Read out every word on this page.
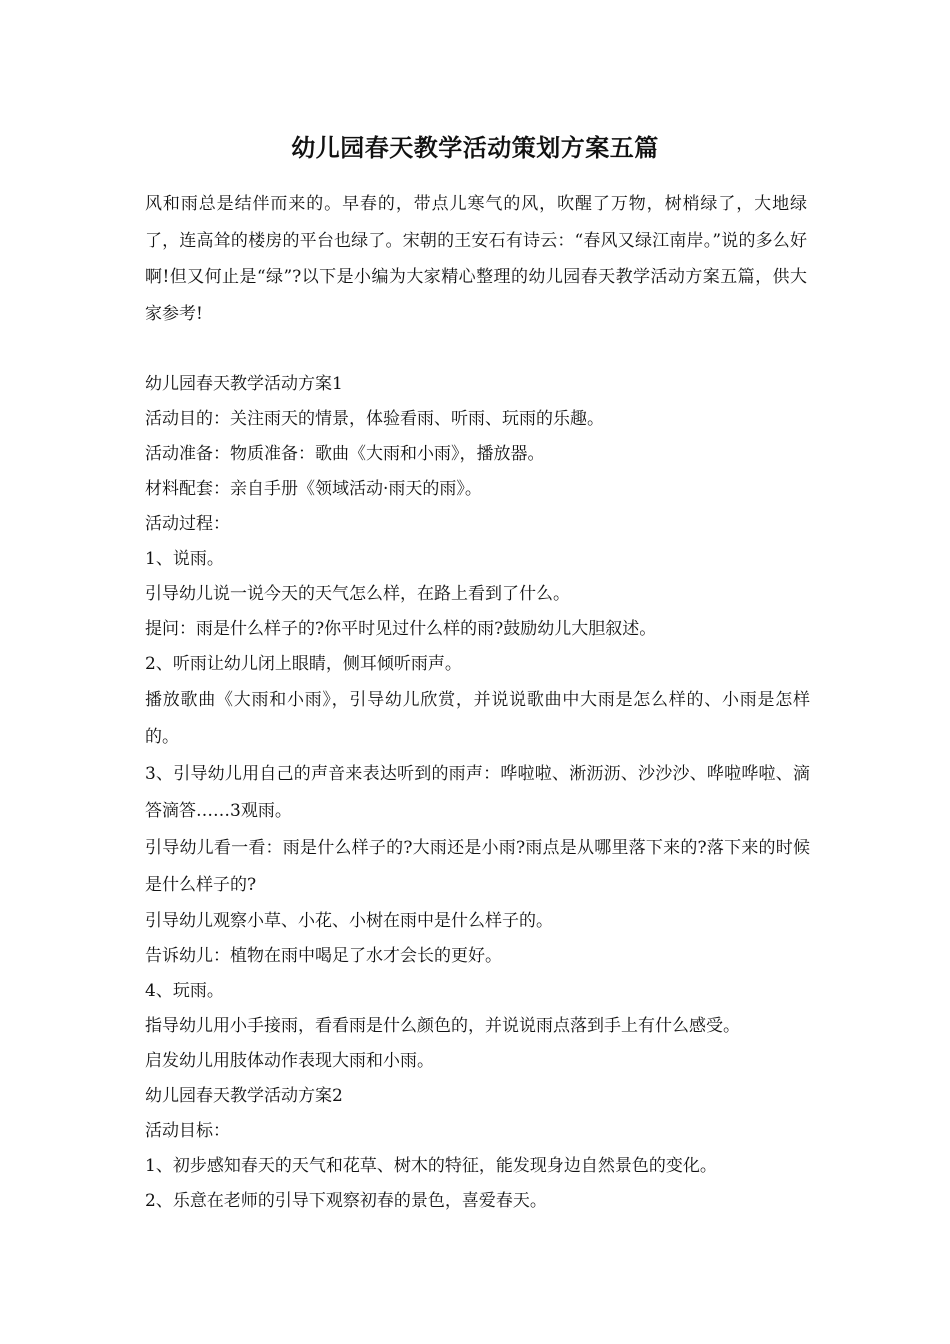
幼儿园春天教学活动策划方案五篇

风和雨总是结伴而来的。早春的，带点儿寒气的风，吹醒了万物，树梢绿了，大地绿了，连高耸的楼房的平台也绿了。宋朝的王安石有诗云：“春风又绿江南岸。”说的多么好啊!但又何止是“绿”?以下是小编为大家精心整理的幼儿园春天教学活动方案五篇，供大家参考!

幼儿园春天教学活动方案1
活动目的：关注雨天的情景，体验看雨、听雨、玩雨的乐趣。
活动准备：物质准备：歌曲《大雨和小雨》，播放器。
材料配套：亲自手册《领域活动·雨天的雨》。
活动过程：
1、说雨。
引导幼儿说一说今天的天气怎么样，在路上看到了什么。
提问：雨是什么样子的?你平时见过什么样的雨?鼓励幼儿大胆叙述。
2、听雨让幼儿闭上眼睛，侧耳倾听雨声。
播放歌曲《大雨和小雨》，引导幼儿欣赏，并说说歌曲中大雨是怎么样的、小雨是怎样的。
3、引导幼儿用自己的声音来表达听到的雨声：哗啦啦、淅沥沥、沙沙沙、哗啦哗啦、滴答滴答……3观雨。
引导幼儿看一看：雨是什么样子的?大雨还是小雨?雨点是从哪里落下来的?落下来的时候是什么样子的?
引导幼儿观察小草、小花、小树在雨中是什么样子的。
告诉幼儿：植物在雨中喝足了水才会长的更好。
4、玩雨。
指导幼儿用小手接雨，看看雨是什么颜色的，并说说雨点落到手上有什么感受。
启发幼儿用肢体动作表现大雨和小雨。
幼儿园春天教学活动方案2
活动目标：
1、初步感知春天的天气和花草、树木的特征，能发现身边自然景色的变化。
2、乐意在老师的引导下观察初春的景色，喜爱春天。
